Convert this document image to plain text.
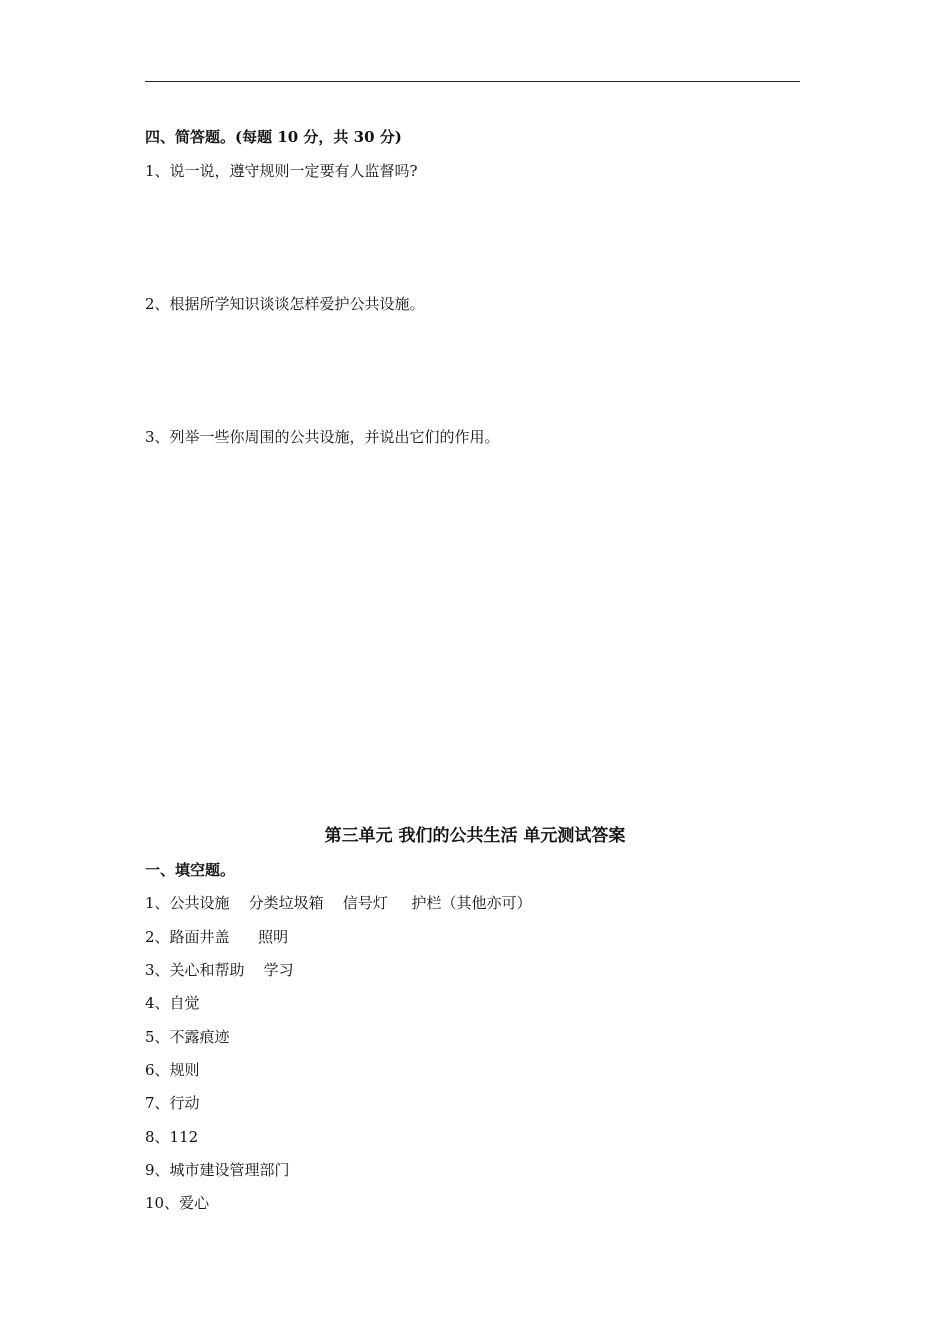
四、简答题。(每题 10 分，共 30 分)
1、说一说，遵守规则一定要有人监督吗?
2、根据所学知识谈谈怎样爱护公共设施。
3、列举一些你周围的公共设施，并说出它们的作用。
第三单元 我们的公共生活 单元测试答案
一、填空题。
1、公共设施    分类垃圾箱    信号灯     护栏（其他亦可）
2、路面井盖      照明
3、关心和帮助    学习
4、自觉
5、不露痕迹
6、规则
7、行动
8、112
9、城市建设管理部门
10、爱心
